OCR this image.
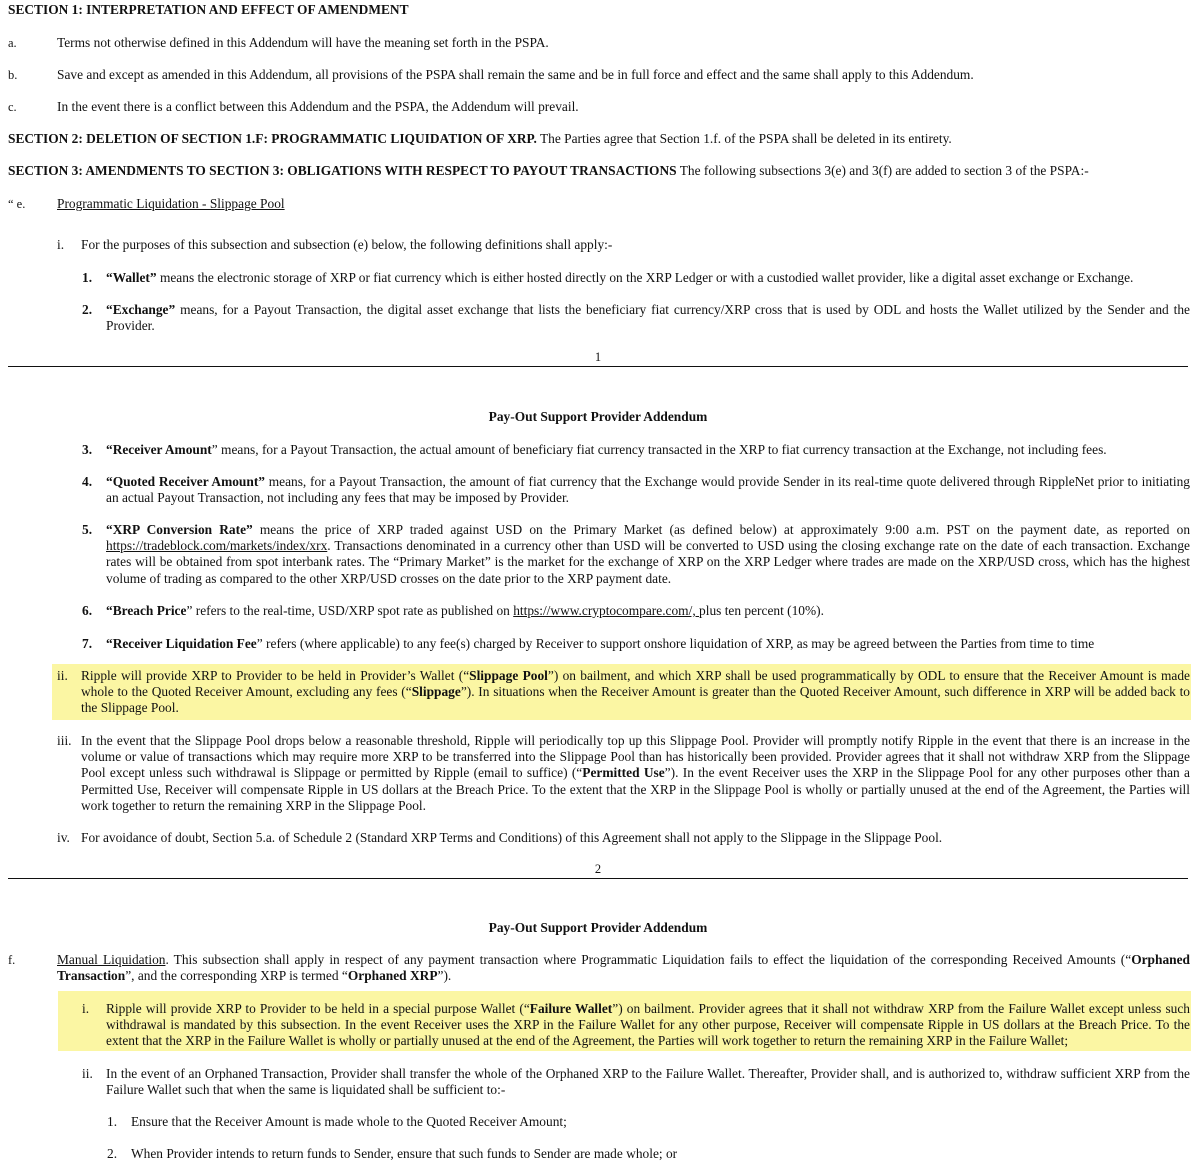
SECTION 1: INTERPRETATION AND EFFECT OF AMENDMENT
a.	Terms not otherwise defined in this Addendum will have the meaning set forth in the PSPA.
b.	Save and except as amended in this Addendum, all provisions of the PSPA shall remain the same and be in full force and effect and the same shall apply to this Addendum.
c.	In the event there is a conflict between this Addendum and the PSPA, the Addendum will prevail.
SECTION 2: DELETION OF SECTION 1.F: PROGRAMMATIC LIQUIDATION OF XRP. The Parties agree that Section 1.f. of the PSPA shall be deleted in its entirety.
SECTION 3: AMENDMENTS TO SECTION 3: OBLIGATIONS WITH RESPECT TO PAYOUT TRANSACTIONS The following subsections 3(e) and 3(f) are added to section 3 of the PSPA:-
“ e. Programmatic Liquidation - Slippage Pool
i. For the purposes of this subsection and subsection (e) below, the following definitions shall apply:-
1. “Wallet” means the electronic storage of XRP or fiat currency which is either hosted directly on the XRP Ledger or with a custodied wallet provider, like a digital asset exchange or Exchange.
2. “Exchange” means, for a Payout Transaction, the digital asset exchange that lists the beneficiary fiat currency/XRP cross that is used by ODL and hosts the Wallet utilized by the Sender and the Provider.
1
Pay-Out Support Provider Addendum
3. “Receiver Amount” means, for a Payout Transaction, the actual amount of beneficiary fiat currency transacted in the XRP to fiat currency transaction at the Exchange, not including fees.
4. “Quoted Receiver Amount” means, for a Payout Transaction, the amount of fiat currency that the Exchange would provide Sender in its real-time quote delivered through RippleNet prior to initiating an actual Payout Transaction, not including any fees that may be imposed by Provider.
5. “XRP Conversion Rate” means the price of XRP traded against USD on the Primary Market (as defined below) at approximately 9:00 a.m. PST on the payment date, as reported on https://tradeblock.com/markets/index/xrx. Transactions denominated in a currency other than USD will be converted to USD using the closing exchange rate on the date of each transaction. Exchange rates will be obtained from spot interbank rates. The “Primary Market” is the market for the exchange of XRP on the XRP Ledger where trades are made on the XRP/USD cross, which has the highest volume of trading as compared to the other XRP/USD crosses on the date prior to the XRP payment date.
6. “Breach Price” refers to the real-time, USD/XRP spot rate as published on https://www.cryptocompare.com/, plus ten percent (10%).
7. “Receiver Liquidation Fee” refers (where applicable) to any fee(s) charged by Receiver to support onshore liquidation of XRP, as may be agreed between the Parties from time to time
ii. Ripple will provide XRP to Provider to be held in Provider’s Wallet (“Slippage Pool”) on bailment, and which XRP shall be used programmatically by ODL to ensure that the Receiver Amount is made whole to the Quoted Receiver Amount, excluding any fees (“Slippage”). In situations when the Receiver Amount is greater than the Quoted Receiver Amount, such difference in XRP will be added back to the Slippage Pool.
iii. In the event that the Slippage Pool drops below a reasonable threshold, Ripple will periodically top up this Slippage Pool. Provider will promptly notify Ripple in the event that there is an increase in the volume or value of transactions which may require more XRP to be transferred into the Slippage Pool than has historically been provided. Provider agrees that it shall not withdraw XRP from the Slippage Pool except unless such withdrawal is Slippage or permitted by Ripple (email to suffice) (“Permitted Use”). In the event Receiver uses the XRP in the Slippage Pool for any other purposes other than a Permitted Use, Receiver will compensate Ripple in US dollars at the Breach Price. To the extent that the XRP in the Slippage Pool is wholly or partially unused at the end of the Agreement, the Parties will work together to return the remaining XRP in the Slippage Pool.
iv. For avoidance of doubt, Section 5.a. of Schedule 2 (Standard XRP Terms and Conditions) of this Agreement shall not apply to the Slippage in the Slippage Pool.
2
Pay-Out Support Provider Addendum
f.	Manual Liquidation. This subsection shall apply in respect of any payment transaction where Programmatic Liquidation fails to effect the liquidation of the corresponding Received Amounts (“Orphaned Transaction”, and the corresponding XRP is termed “Orphaned XRP”).
i. Ripple will provide XRP to Provider to be held in a special purpose Wallet (“Failure Wallet”) on bailment. Provider agrees that it shall not withdraw XRP from the Failure Wallet except unless such withdrawal is mandated by this subsection. In the event Receiver uses the XRP in the Failure Wallet for any other purpose, Receiver will compensate Ripple in US dollars at the Breach Price. To the extent that the XRP in the Failure Wallet is wholly or partially unused at the end of the Agreement, the Parties will work together to return the remaining XRP in the Failure Wallet;
ii. In the event of an Orphaned Transaction, Provider shall transfer the whole of the Orphaned XRP to the Failure Wallet. Thereafter, Provider shall, and is authorized to, withdraw sufficient XRP from the Failure Wallet such that when the same is liquidated shall be sufficient to:-
1. Ensure that the Receiver Amount is made whole to the Quoted Receiver Amount;
2. When Provider intends to return funds to Sender, ensure that such funds to Sender are made whole; or
